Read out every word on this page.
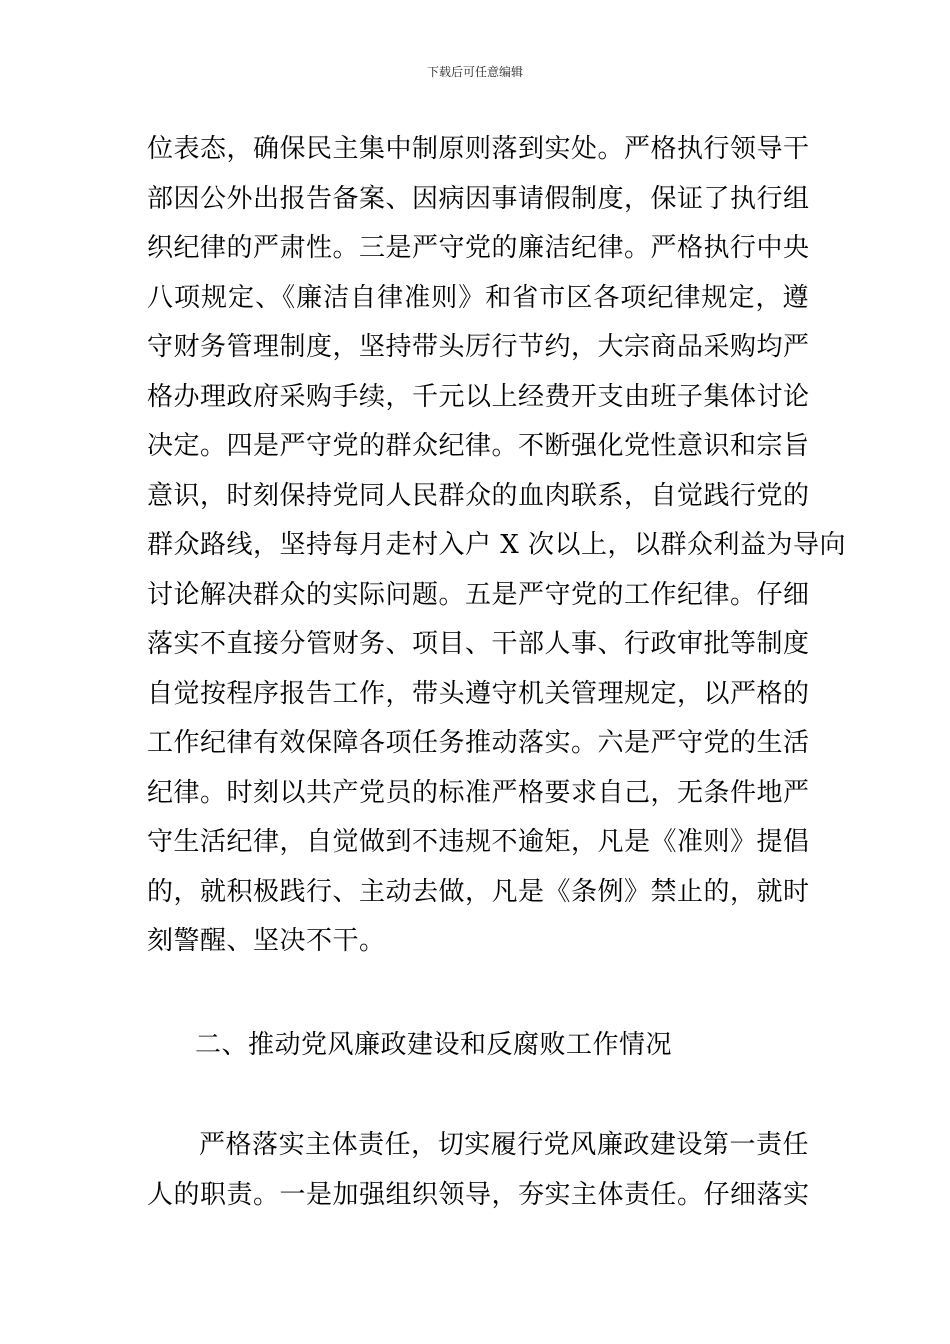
下载后可任意编辑
位表态，确保民主集中制原则落到实处。严格执行领导干
部因公外出报告备案、因病因事请假制度，保证了执行组
织纪律的严肃性。三是严守党的廉洁纪律。严格执行中央
八项规定、《廉洁自律准则》和省市区各项纪律规定，遵
守财务管理制度，坚持带头厉行节约，大宗商品采购均严
格办理政府采购手续，千元以上经费开支由班子集体讨论
决定。四是严守党的群众纪律。不断强化党性意识和宗旨
意识，时刻保持党同人民群众的血肉联系，自觉践行党的
群众路线，坚持每月走村入户 X 次以上，以群众利益为导向
讨论解决群众的实际问题。五是严守党的工作纪律。仔细
落实不直接分管财务、项目、干部人事、行政审批等制度
自觉按程序报告工作，带头遵守机关管理规定，以严格的
工作纪律有效保障各项任务推动落实。六是严守党的生活
纪律。时刻以共产党员的标准严格要求自己，无条件地严
守生活纪律，自觉做到不违规不逾矩，凡是《准则》提倡
的，就积极践行、主动去做，凡是《条例》禁止的，就时
刻警醒、坚决不干。
二、推动党风廉政建设和反腐败工作情况
严格落实主体责任，切实履行党风廉政建设第一责任
人的职责。一是加强组织领导，夯实主体责任。仔细落实
